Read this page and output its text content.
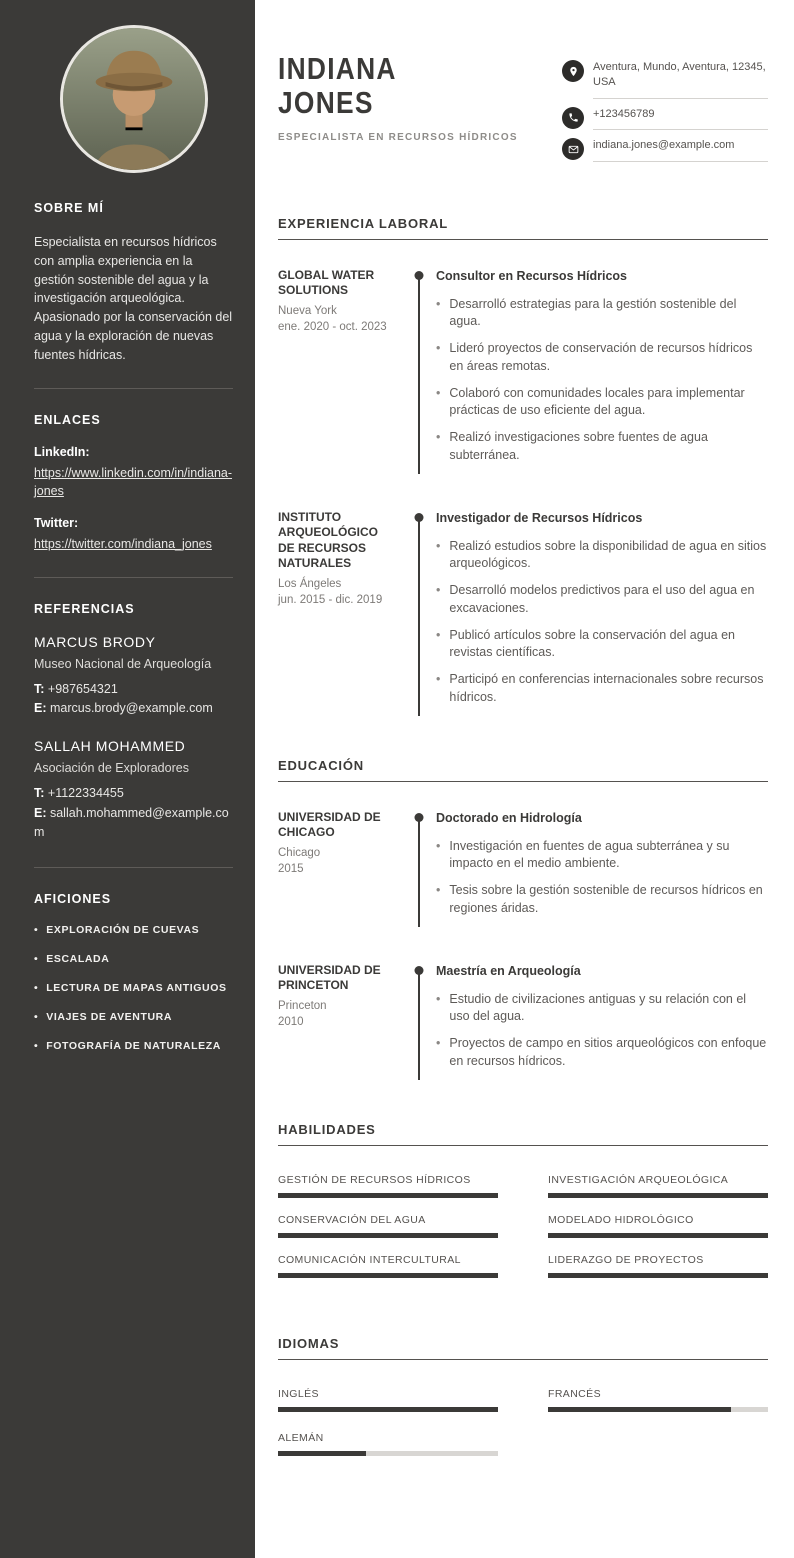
SOBRE MÍ

Especialista en recursos hídricos con amplia experiencia en la gestión sostenible del agua y la investigación arqueológica. Apasionado por la conservación del agua y la exploración de nuevas fuentes hídricas.

ENLACES
LinkedIn:
https://www.linkedin.com/in/indiana-jones
Twitter:
https://twitter.com/indiana_jones
REFERENCIAS
MARCUS BRODY
Museo Nacional de Arqueología
T: +987654321
E: marcus.brody@example.com
SALLAH MOHAMMED
Asociación de Exploradores
T: +1122334455
E: sallah.mohammed@example.com
AFICIONES
• EXPLORACIÓN DE CUEVAS
• ESCALADA
• LECTURA DE MAPAS ANTIGUOS
• VIAJES DE AVENTURA
• FOTOGRAFÍA DE NATURALEZA
INDIANA
JONES
ESPECIALISTA EN RECURSOS HÍDRICOS
Aventura, Mundo, Aventura, 12345, USA
+123456789
indiana.jones@example.com
EXPERIENCIA LABORAL
GLOBAL WATER SOLUTIONS
Nueva York
ene. 2020 - oct. 2023
Consultor en Recursos Hídricos
• Desarrolló estrategias para la gestión sostenible del agua.
• Lideró proyectos de conservación de recursos hídricos en áreas remotas.
• Colaboró con comunidades locales para implementar prácticas de uso eficiente del agua.
• Realizó investigaciones sobre fuentes de agua subterránea.
INSTITUTO ARQUEOLÓGICO DE RECURSOS NATURALES
Los Ángeles
jun. 2015 - dic. 2019
Investigador de Recursos Hídricos
• Realizó estudios sobre la disponibilidad de agua en sitios arqueológicos.
• Desarrolló modelos predictivos para el uso del agua en excavaciones.
• Publicó artículos sobre la conservación del agua en revistas científicas.
• Participó en conferencias internacionales sobre recursos hídricos.
EDUCACIÓN
UNIVERSIDAD DE CHICAGO
Chicago
2015
Doctorado en Hidrología
• Investigación en fuentes de agua subterránea y su impacto en el medio ambiente.
• Tesis sobre la gestión sostenible de recursos hídricos en regiones áridas.
UNIVERSIDAD DE PRINCETON
Princeton
2010
Maestría en Arqueología
• Estudio de civilizaciones antiguas y su relación con el uso del agua.
• Proyectos de campo en sitios arqueológicos con enfoque en recursos hídricos.
HABILIDADES
GESTIÓN DE RECURSOS HÍDRICOS	INVESTIGACIÓN ARQUEOLÓGICA
CONSERVACIÓN DEL AGUA	MODELADO HIDROLÓGICO
COMUNICACIÓN INTERCULTURAL	LIDERAZGO DE PROYECTOS
IDIOMAS
INGLÉS	FRANCÉS
ALEMÁN
